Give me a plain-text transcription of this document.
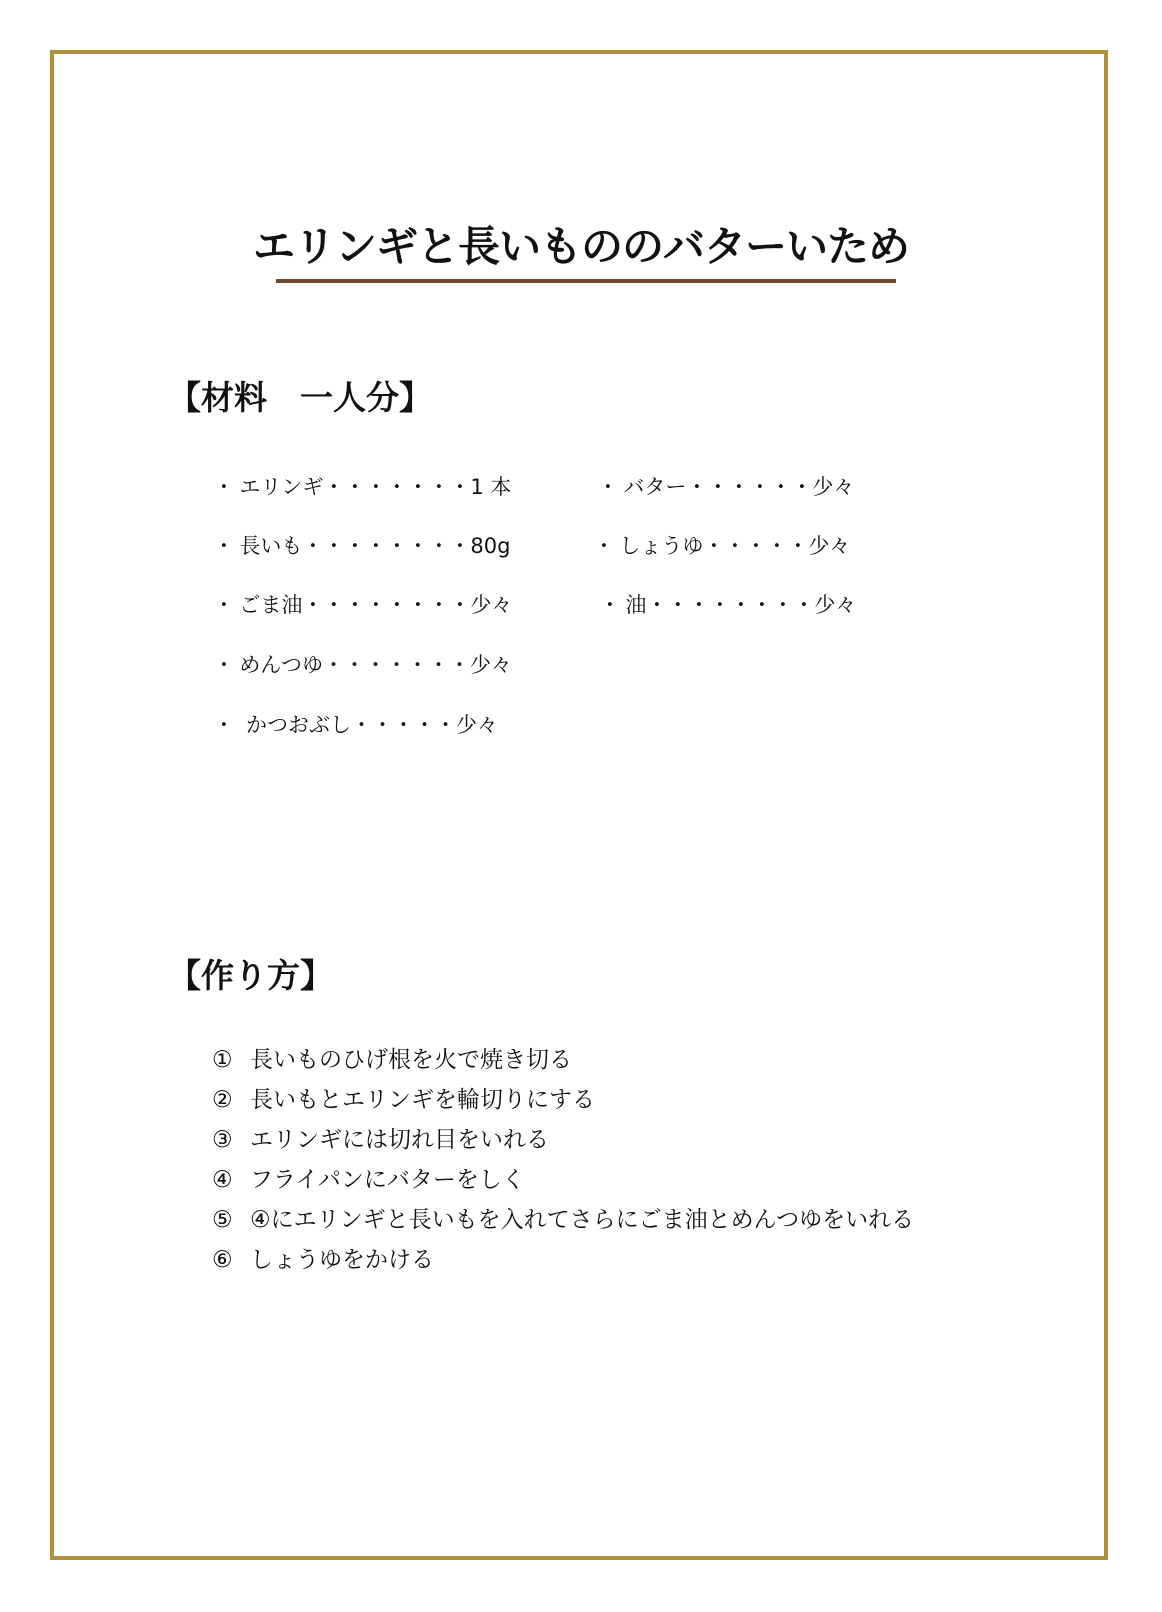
エリンギと長いもののバターいため
【材料　一人分】

・ エリンギ・・・・・・・1 本

・ 長いも・・・・・・・・80g

・ ごま油・・・・・・・・少々

・ めんつゆ・・・・・・・少々

・ かつおぶし・・・・・少々

・ バター・・・・・・少々

・ しょうゆ・・・・・少々

・ 油・・・・・・・・少々

【作り方】
① 長いものひげ根を火で焼き切る
② 長いもとエリンギを輪切りにする
③ エリンギには切れ目をいれる
④ フライパンにバターをしく
⑤ ④にエリンギと長いもを入れてさらにごま油とめんつゆをいれる
⑥ しょうゆをかける
